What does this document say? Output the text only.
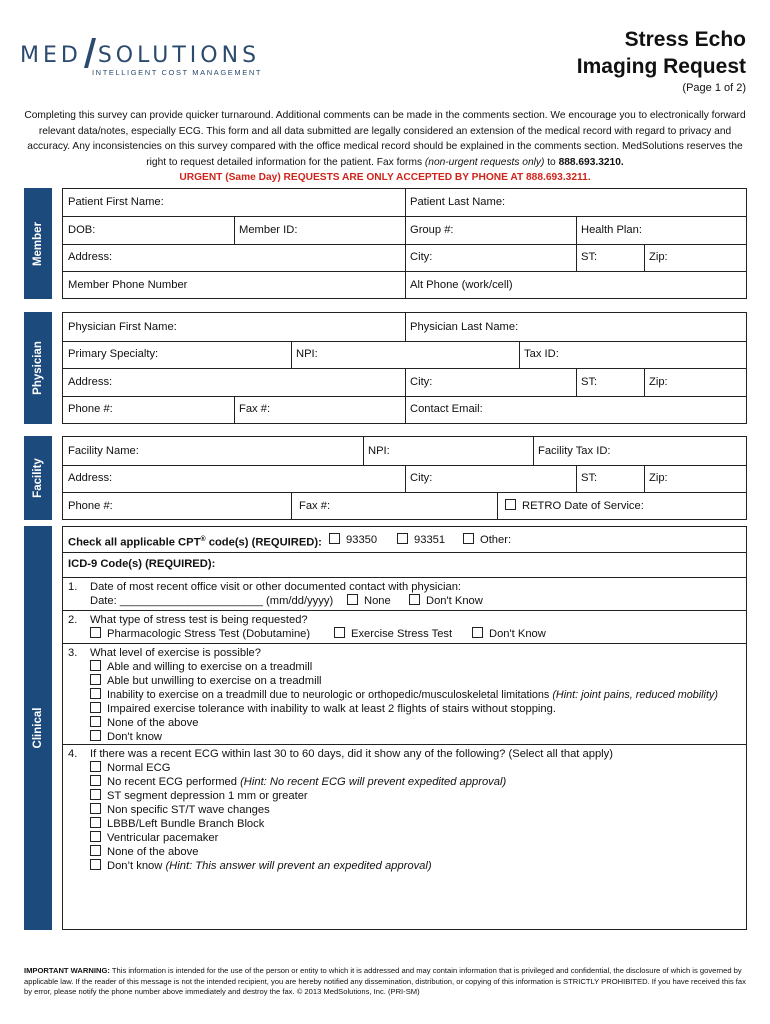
MED SOLUTIONS
INTELLIGENT COST MANAGEMENT
Stress Echo
Imaging Request
(Page 1 of 2)
Completing this survey can provide quicker turnaround. Additional comments can be made in the comments section. We encourage you to electronically forward relevant data/notes, especially ECG. This form and all data submitted are legally considered an extension of the medical record with regard to privacy and accuracy. Any inconsistencies on this survey compared with the office medical record should be explained in the comments section. MedSolutions reserves the right to request detailed information for the patient. Fax forms (non-urgent requests only) to 888.693.3210.
URGENT (Same Day) REQUESTS ARE ONLY ACCEPTED BY PHONE AT 888.693.3211.
Member
Patient First Name:	Patient Last Name:
DOB:	Member ID:	Group #:	Health Plan:
Address:	City:	ST:	Zip:
Member Phone Number	Alt Phone (work/cell)
Physician
Physician First Name:	Physician Last Name:
Primary Specialty:	NPI:	Tax ID:
Address:	City:	ST:	Zip:
Phone #:	Fax #:	Contact Email:
Facility
Facility Name:	NPI:	Facility Tax ID:
Address:	City:	ST:	Zip:
Phone #:	Fax #:	RETRO Date of Service:
Clinical
Check all applicable CPT® code(s) (REQUIRED):	93350	93351	Other:
ICD-9 Code(s) (REQUIRED):
1. Date of most recent office visit or other documented contact with physician:
Date: _______________________ (mm/dd/yyyy)	None	Don't Know
2. What type of stress test is being requested?
Pharmacologic Stress Test (Dobutamine)	Exercise Stress Test	Don't Know
3. What level of exercise is possible?
Able and willing to exercise on a treadmill
Able but unwilling to exercise on a treadmill
Inability to exercise on a treadmill due to neurologic or orthopedic/musculoskeletal limitations (Hint: joint pains, reduced mobility)
Impaired exercise tolerance with inability to walk at least 2 flights of stairs without stopping.
None of the above
Don't know
4. If there was a recent ECG within last 30 to 60 days, did it show any of the following? (Select all that apply)
Normal ECG
No recent ECG performed (Hint: No recent ECG will prevent expedited approval)
ST segment depression 1 mm or greater
Non specific ST/T wave changes
LBBB/Left Bundle Branch Block
Ventricular pacemaker
None of the above
Don’t know (Hint: This answer will prevent an expedited approval)
IMPORTANT WARNING: This information is intended for the use of the person or entity to which it is addressed and may contain information that is privileged and confidential, the disclosure of which is governed by applicable law. If the reader of this message is not the intended recipient, you are hereby notified any dissemination, distribution, or copying of this information is STRICTLY PROHIBITED. If you have received this fax by error, please notify the phone number above immediately and destroy the fax. © 2013 MedSolutions, Inc. (PRI-SM)
